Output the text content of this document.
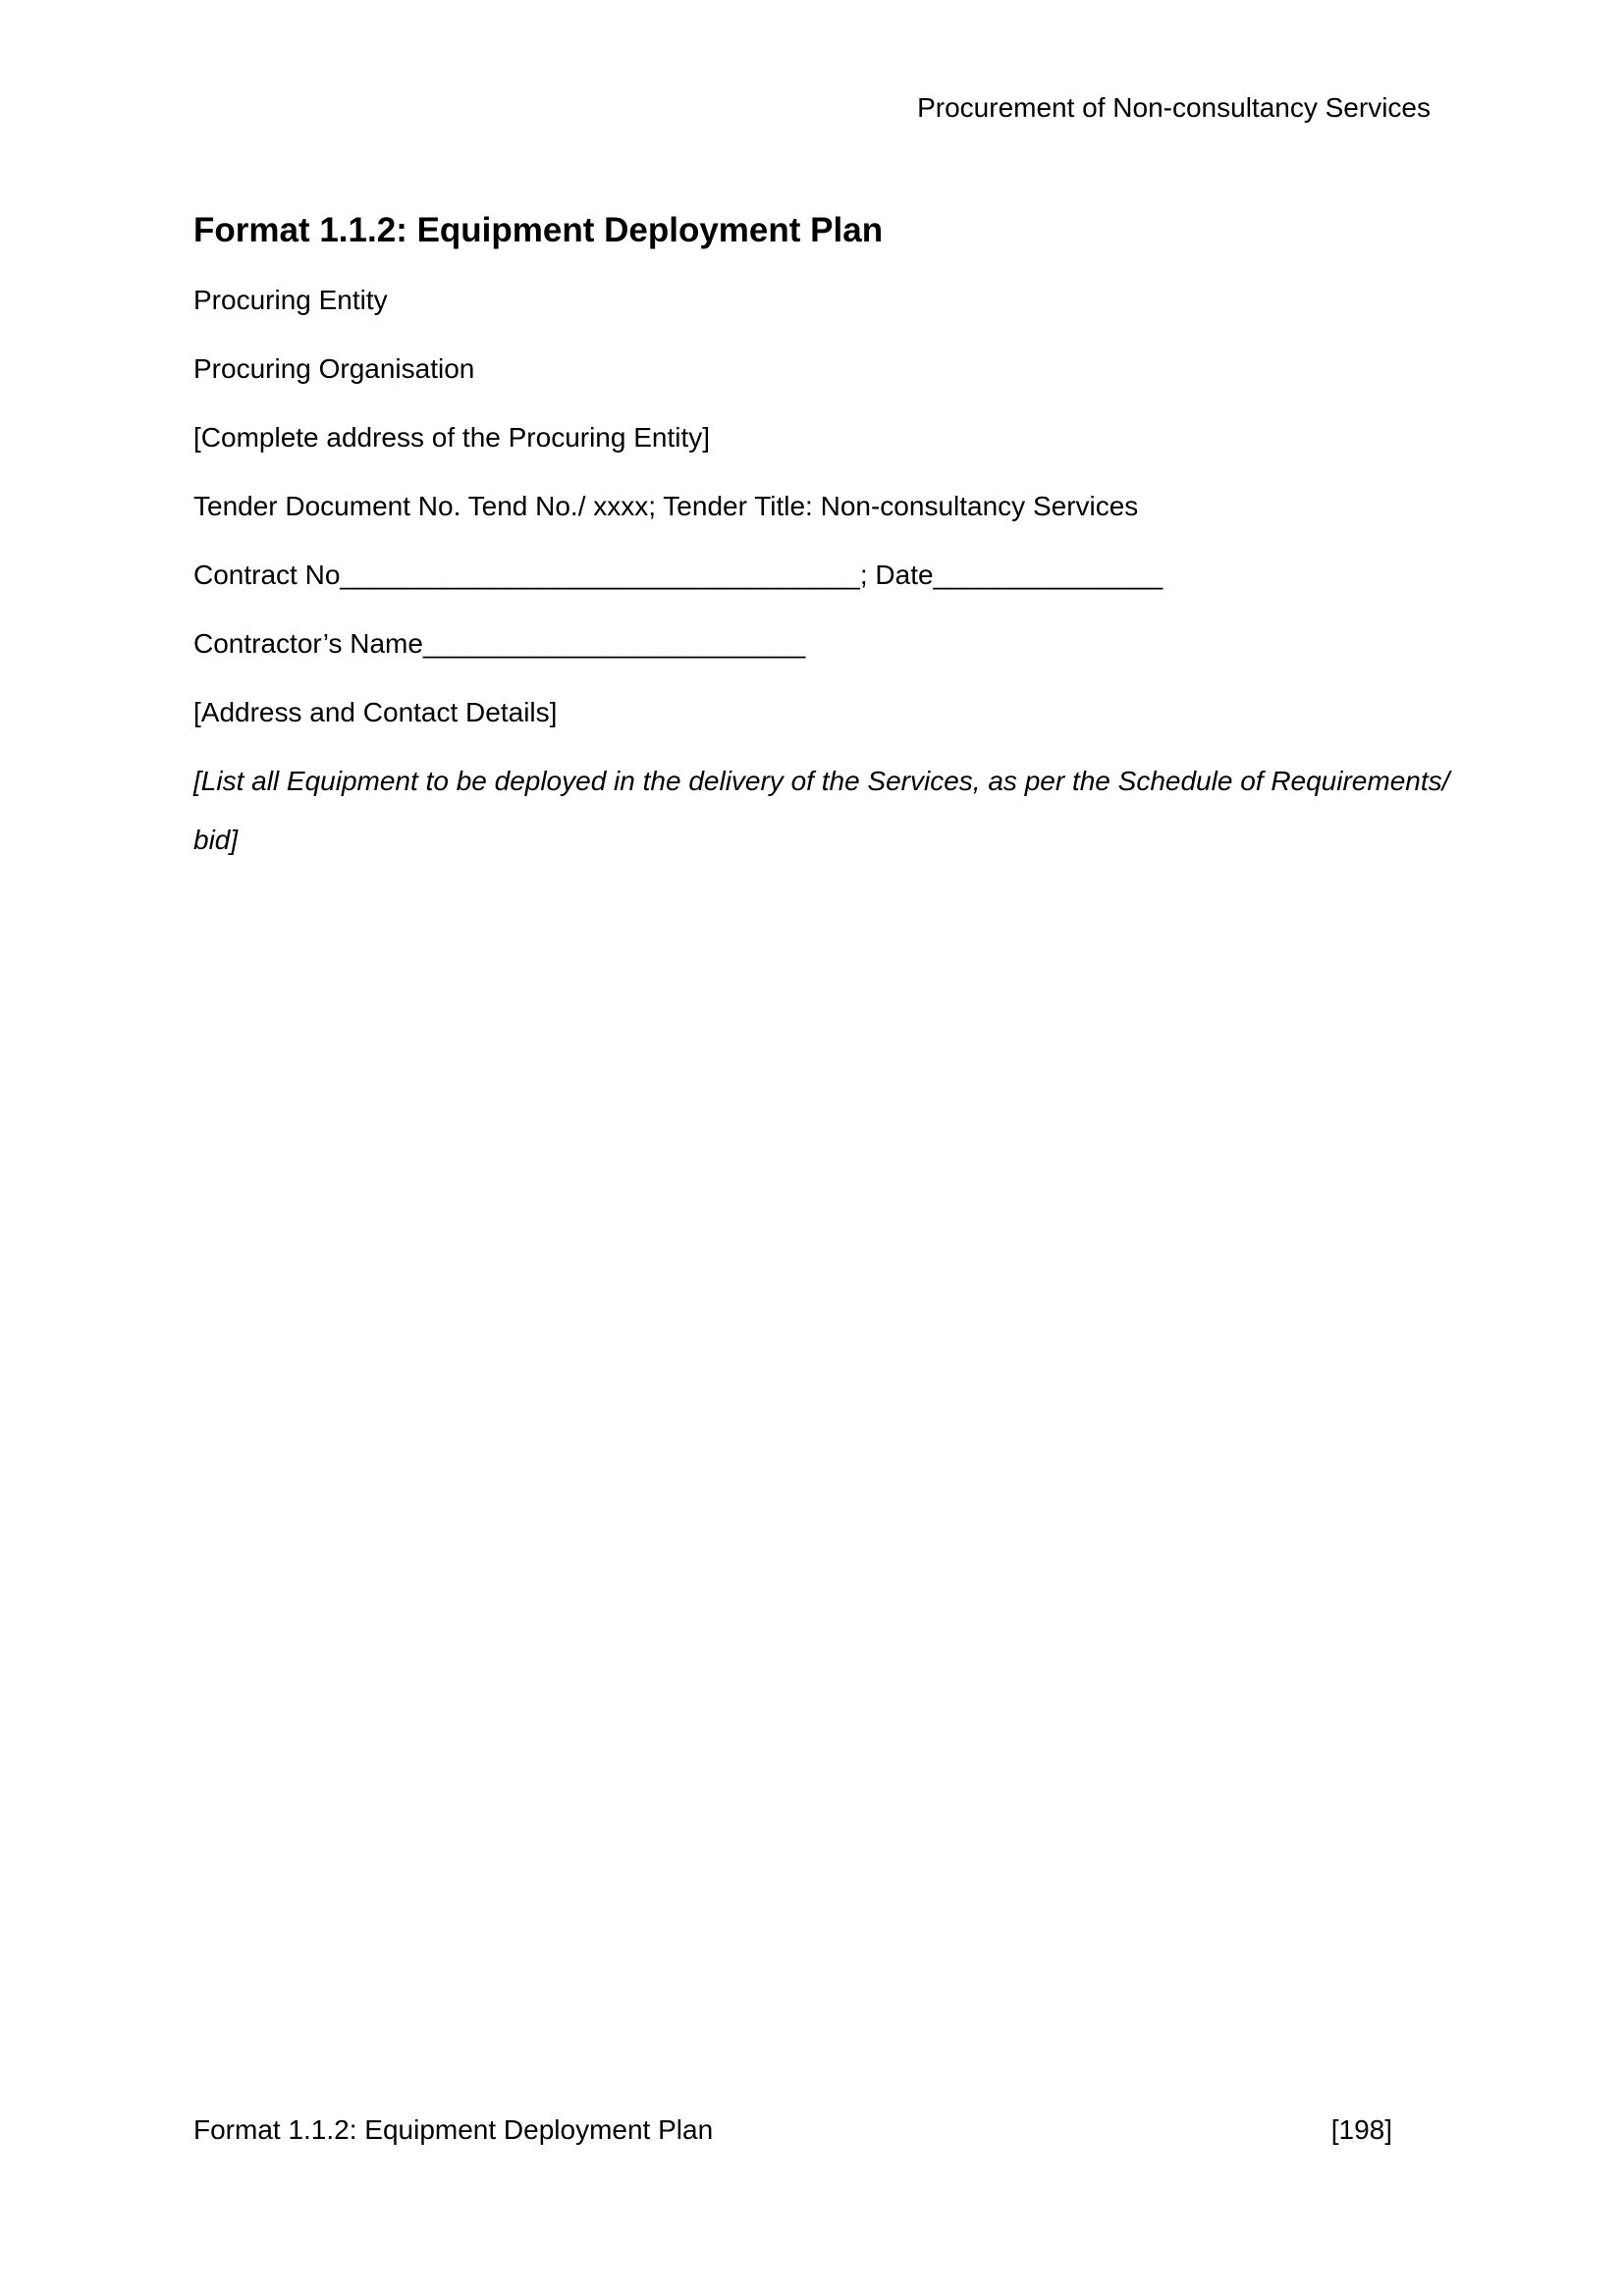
Procurement of Non-consultancy Services
Format 1.1.2: Equipment Deployment Plan

Procuring Entity

Procuring Organisation

[Complete address of the Procuring Entity]

Tender Document No. Tend No./ xxxx; Tender Title: Non-consultancy Services

Contract No__________________________________; Date_______________

Contractor’s Name_________________________

[Address and Contact Details]

[List all Equipment to be deployed in the delivery of the Services, as per the Schedule of Requirements/
bid]

Format 1.1.2: Equipment Deployment Plan	[198]
